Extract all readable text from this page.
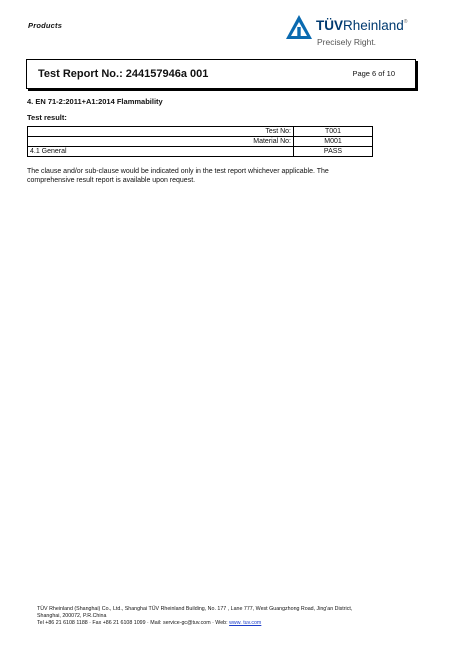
Products	TÜVRheinland®
Precisely Right.
Test Report No.: 244157946a 001	Page 6 of 10
4. EN 71-2:2011+A1:2014 Flammability
Test result:
Test No:	T001
Material No:	M001
4.1 General	PASS
The clause and/or sub-clause would be indicated only in the test report whichever applicable. The comprehensive result report is available upon request.
TÜV Rheinland (Shanghai) Co., Ltd., Shanghai TÜV Rheinland Building, No. 177 , Lane 777, West Guangzhong Road, Jing'an District,
Shanghai, 200072, P.R.China
Tel +86 21 6108 1188 · Fax +86 21 6108 1099 · Mail: service-gc@tuv.com · Web: www. tuv.com
